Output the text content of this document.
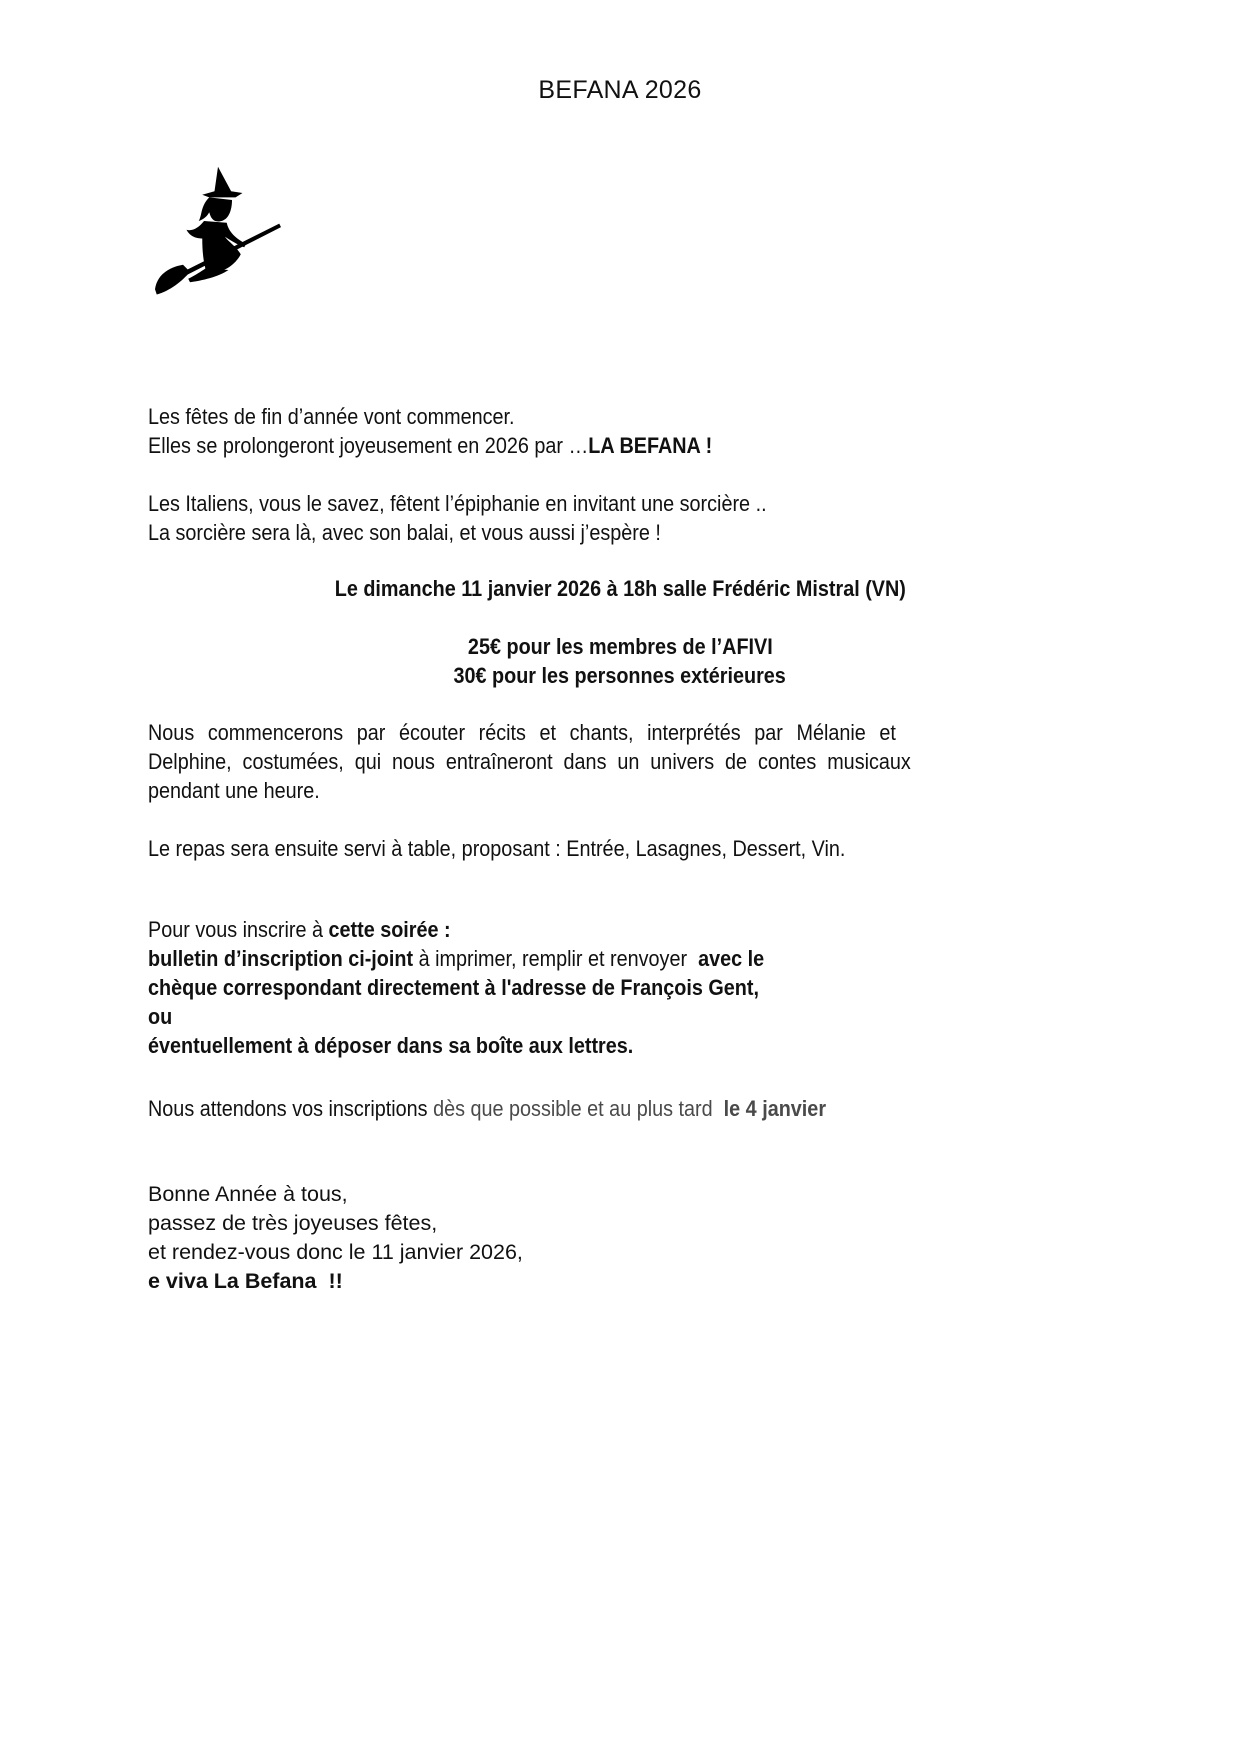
BEFANA 2026
Les fêtes de fin d’année vont commencer.
Elles se prolongeront joyeusement en 2026 par …LA BEFANA !
Les Italiens, vous le savez, fêtent l’épiphanie en invitant une sorcière ..
La sorcière sera là, avec son balai, et vous aussi j’espère !
Le dimanche 11 janvier 2026 à 18h salle Frédéric Mistral (VN)
25€ pour les membres de l’AFIVI
30€ pour les personnes extérieures
Nous commencerons par écouter récits et chants, interprétés par Mélanie et
Delphine, costumées, qui nous entraîneront dans un univers de contes musicaux
pendant une heure.
Le repas sera ensuite servi à table, proposant : Entrée, Lasagnes, Dessert, Vin.
Pour vous inscrire à cette soirée :
bulletin d’inscription ci-joint à imprimer, remplir et renvoyer  avec le
chèque correspondant directement à l'adresse de François Gent,
ou
éventuellement à déposer dans sa boîte aux lettres.
Nous attendons vos inscriptions dès que possible et au plus tard  le 4 janvier
Bonne Année à tous,
passez de très joyeuses fêtes,
et rendez-vous donc le 11 janvier 2026,
e viva La Befana  !!
